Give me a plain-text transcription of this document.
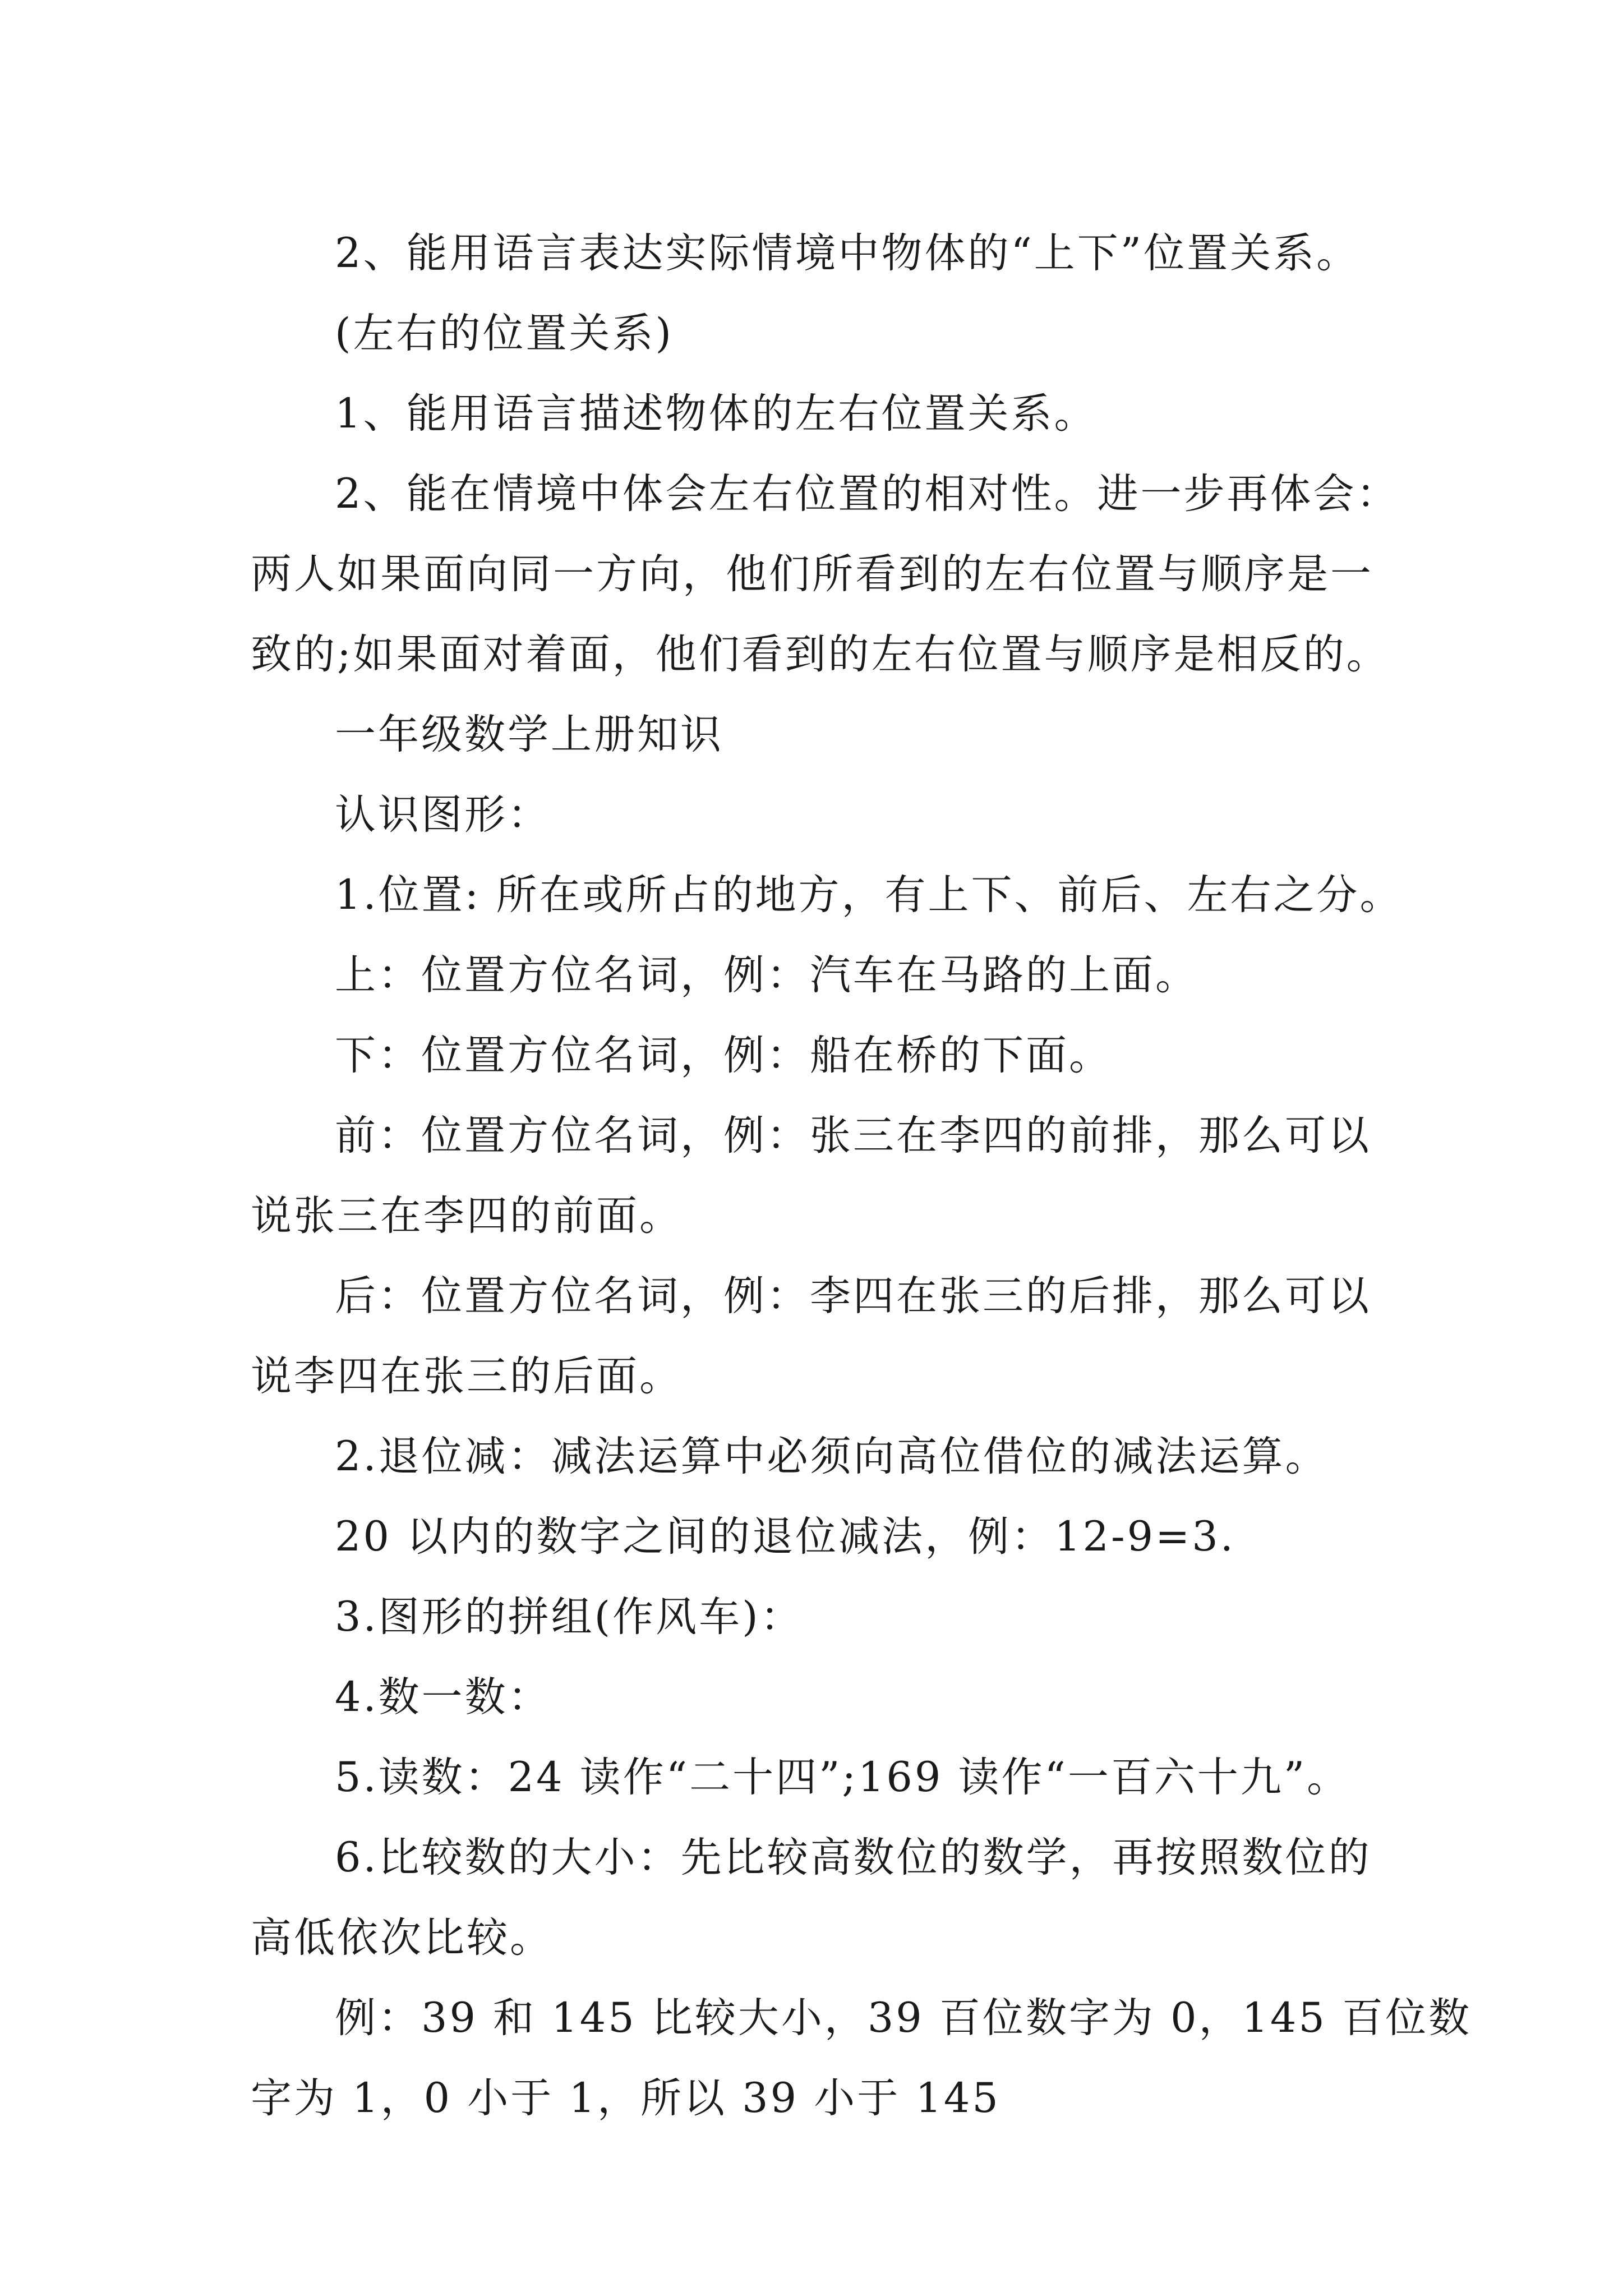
2、能用语言表达实际情境中物体的“上下”位置关系。

(左右的位置关系)

1、能用语言描述物体的左右位置关系。

2、能在情境中体会左右位置的相对性。进一步再体会：

两人如果面向同一方向，他们所看到的左右位置与顺序是一

致的;如果面对着面，他们看到的左右位置与顺序是相反的。

一年级数学上册知识

认识图形：

1.位置: 所在或所占的地方，有上下、前后、左右之分。

上：位置方位名词，例：汽车在马路的上面。

下：位置方位名词，例：船在桥的下面。

前：位置方位名词，例：张三在李四的前排，那么可以

说张三在李四的前面。

后：位置方位名词，例：李四在张三的后排，那么可以

说李四在张三的后面。

2.退位减：减法运算中必须向高位借位的减法运算。

20 以内的数字之间的退位减法，例：12-9=3.

3.图形的拼组(作风车)：

4.数一数：

5.读数：24 读作“二十四”;169 读作“一百六十九”。

6.比较数的大小：先比较高数位的数学，再按照数位的

高低依次比较。

例：39 和 145 比较大小，39 百位数字为 0，145 百位数

字为 1，0 小于 1，所以 39 小于 145
